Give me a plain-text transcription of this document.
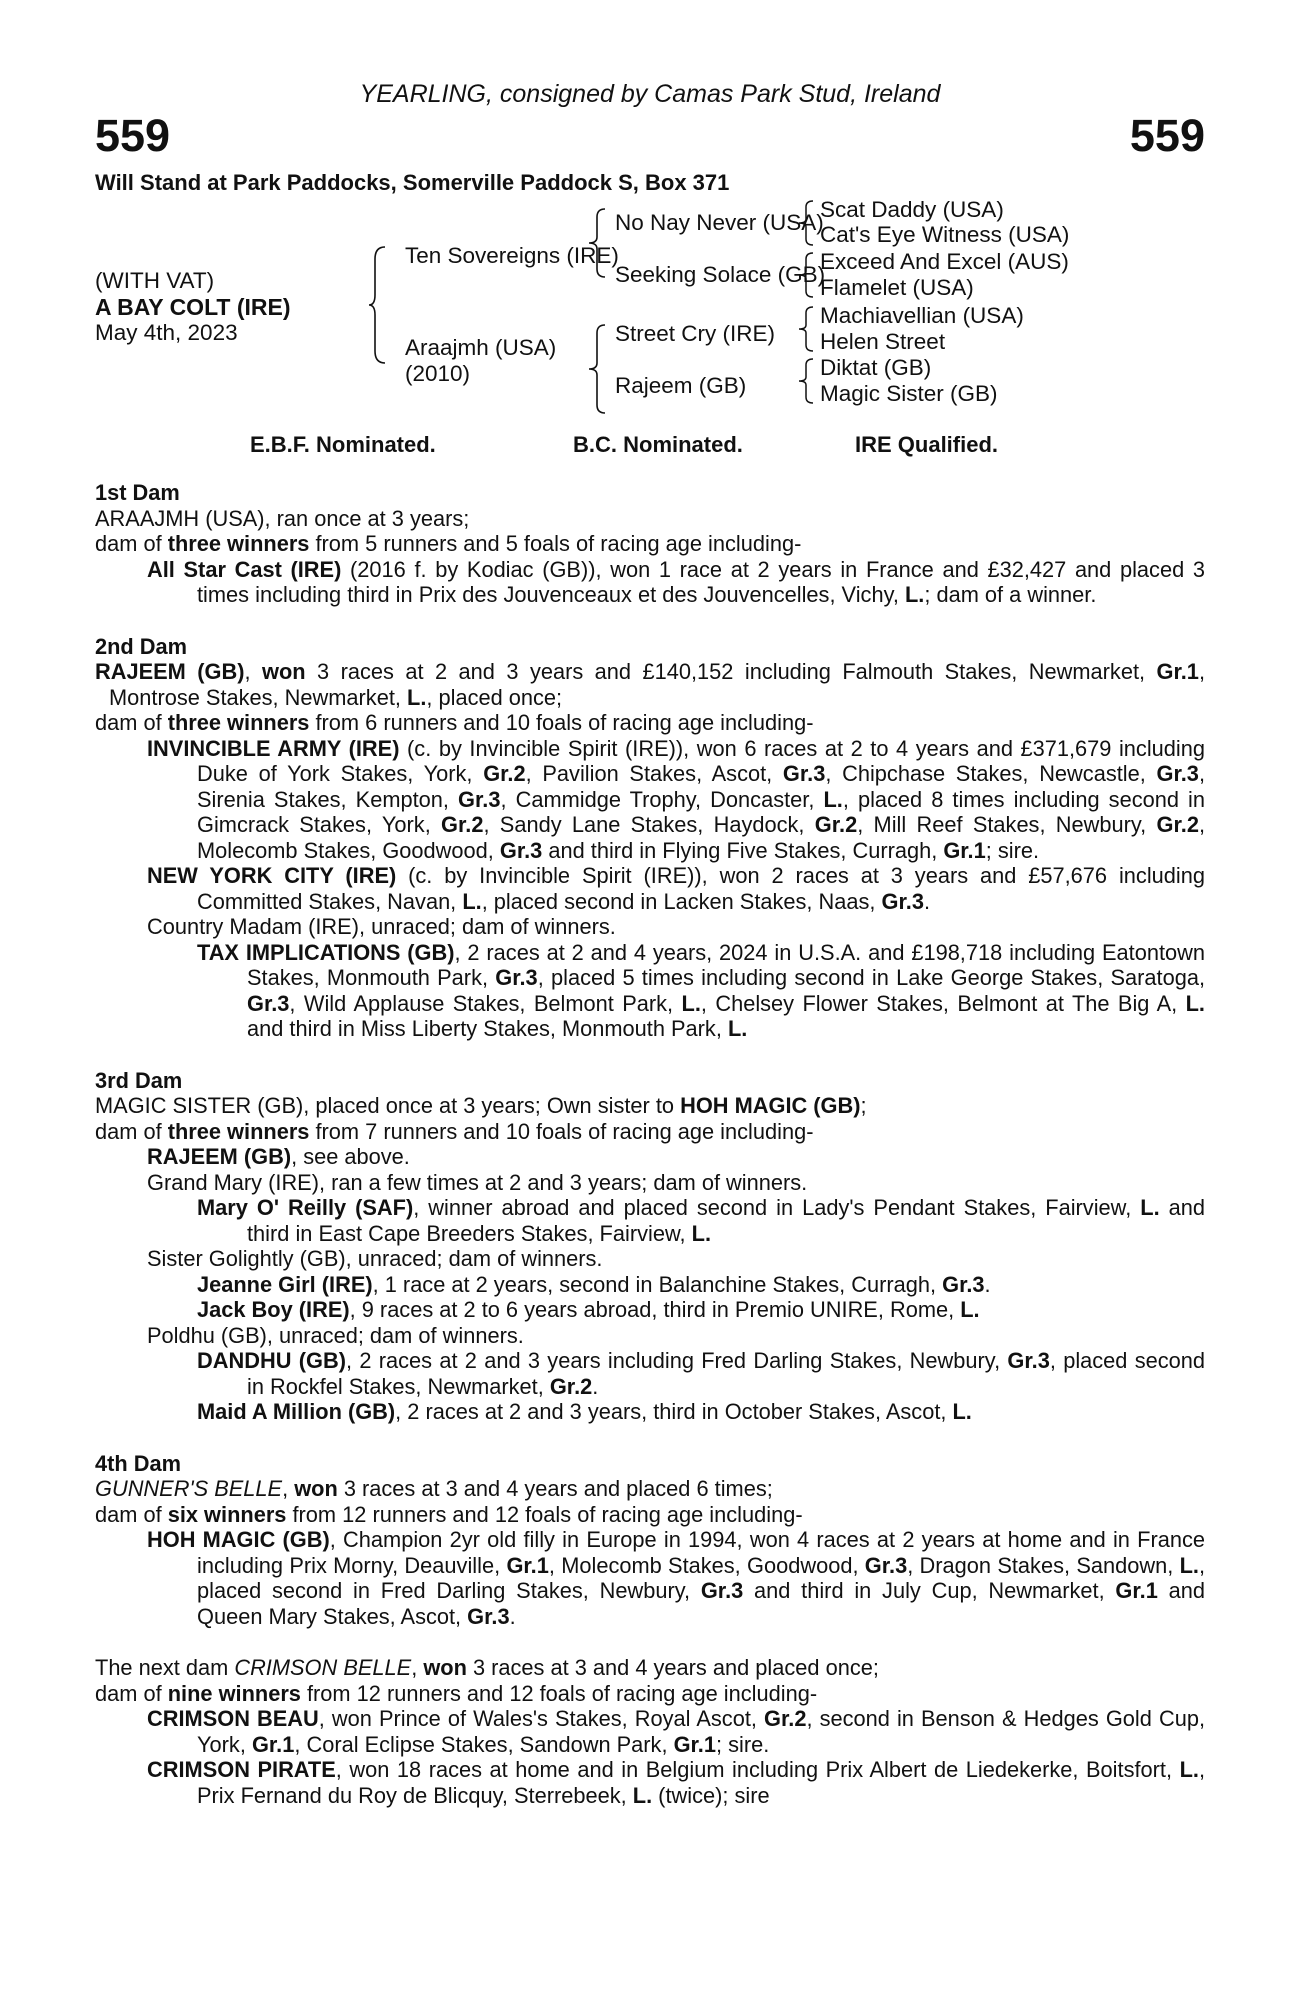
YEARLING, consigned by Camas Park Stud, Ireland
559	559
Will Stand at Park Paddocks, Somerville Paddock S, Box 371
(WITH VAT)
A BAY COLT (IRE)
May 4th, 2023
Ten Sovereigns (IRE)
Araajmh (USA)
(2010)
No Nay Never (USA)
Seeking Solace (GB)
Street Cry (IRE)
Rajeem (GB)
Scat Daddy (USA)
Cat's Eye Witness (USA)
Exceed And Excel (AUS)
Flamelet (USA)
Machiavellian (USA)
Helen Street
Diktat (GB)
Magic Sister (GB)
E.B.F. Nominated.	B.C. Nominated.	IRE Qualified.
1st Dam

ARAAJMH (USA), ran once at 3 years;

dam of three winners from 5 runners and 5 foals of racing age including-

All Star Cast (IRE) (2016 f. by Kodiac (GB)), won 1 race at 2 years in France and £32,427 and placed 3 times including third in Prix des Jouvenceaux et des Jouvencelles, Vichy, L.; dam of a winner.

2nd Dam

RAJEEM (GB), won 3 races at 2 and 3 years and £140,152 including Falmouth Stakes, Newmarket, Gr.1, Montrose Stakes, Newmarket, L., placed once;

dam of three winners from 6 runners and 10 foals of racing age including-

INVINCIBLE ARMY (IRE) (c. by Invincible Spirit (IRE)), won 6 races at 2 to 4 years and £371,679 including Duke of York Stakes, York, Gr.2, Pavilion Stakes, Ascot, Gr.3, Chipchase Stakes, Newcastle, Gr.3, Sirenia Stakes, Kempton, Gr.3, Cammidge Trophy, Doncaster, L., placed 8 times including second in Gimcrack Stakes, York, Gr.2, Sandy Lane Stakes, Haydock, Gr.2, Mill Reef Stakes, Newbury, Gr.2, Molecomb Stakes, Goodwood, Gr.3 and third in Flying Five Stakes, Curragh, Gr.1; sire.

NEW YORK CITY (IRE) (c. by Invincible Spirit (IRE)), won 2 races at 3 years and £57,676 including Committed Stakes, Navan, L., placed second in Lacken Stakes, Naas, Gr.3.

Country Madam (IRE), unraced; dam of winners.

TAX IMPLICATIONS (GB), 2 races at 2 and 4 years, 2024 in U.S.A. and £198,718 including Eatontown Stakes, Monmouth Park, Gr.3, placed 5 times including second in Lake George Stakes, Saratoga, Gr.3, Wild Applause Stakes, Belmont Park, L., Chelsey Flower Stakes, Belmont at The Big A, L. and third in Miss Liberty Stakes, Monmouth Park, L.

3rd Dam

MAGIC SISTER (GB), placed once at 3 years; Own sister to HOH MAGIC (GB);

dam of three winners from 7 runners and 10 foals of racing age including-

RAJEEM (GB), see above.

Grand Mary (IRE), ran a few times at 2 and 3 years; dam of winners.

Mary O' Reilly (SAF), winner abroad and placed second in Lady's Pendant Stakes, Fairview, L. and third in East Cape Breeders Stakes, Fairview, L.

Sister Golightly (GB), unraced; dam of winners.

Jeanne Girl (IRE), 1 race at 2 years, second in Balanchine Stakes, Curragh, Gr.3.

Jack Boy (IRE), 9 races at 2 to 6 years abroad, third in Premio UNIRE, Rome, L.

Poldhu (GB), unraced; dam of winners.

DANDHU (GB), 2 races at 2 and 3 years including Fred Darling Stakes, Newbury, Gr.3, placed second in Rockfel Stakes, Newmarket, Gr.2.

Maid A Million (GB), 2 races at 2 and 3 years, third in October Stakes, Ascot, L.

4th Dam

GUNNER'S BELLE, won 3 races at 3 and 4 years and placed 6 times;

dam of six winners from 12 runners and 12 foals of racing age including-

HOH MAGIC (GB), Champion 2yr old filly in Europe in 1994, won 4 races at 2 years at home and in France including Prix Morny, Deauville, Gr.1, Molecomb Stakes, Goodwood, Gr.3, Dragon Stakes, Sandown, L., placed second in Fred Darling Stakes, Newbury, Gr.3 and third in July Cup, Newmarket, Gr.1 and Queen Mary Stakes, Ascot, Gr.3.

The next dam CRIMSON BELLE, won 3 races at 3 and 4 years and placed once;

dam of nine winners from 12 runners and 12 foals of racing age including-

CRIMSON BEAU, won Prince of Wales's Stakes, Royal Ascot, Gr.2, second in Benson & Hedges Gold Cup, York, Gr.1, Coral Eclipse Stakes, Sandown Park, Gr.1; sire.

CRIMSON PIRATE, won 18 races at home and in Belgium including Prix Albert de Liedekerke, Boitsfort, L., Prix Fernand du Roy de Blicquy, Sterrebeek, L. (twice); sire
